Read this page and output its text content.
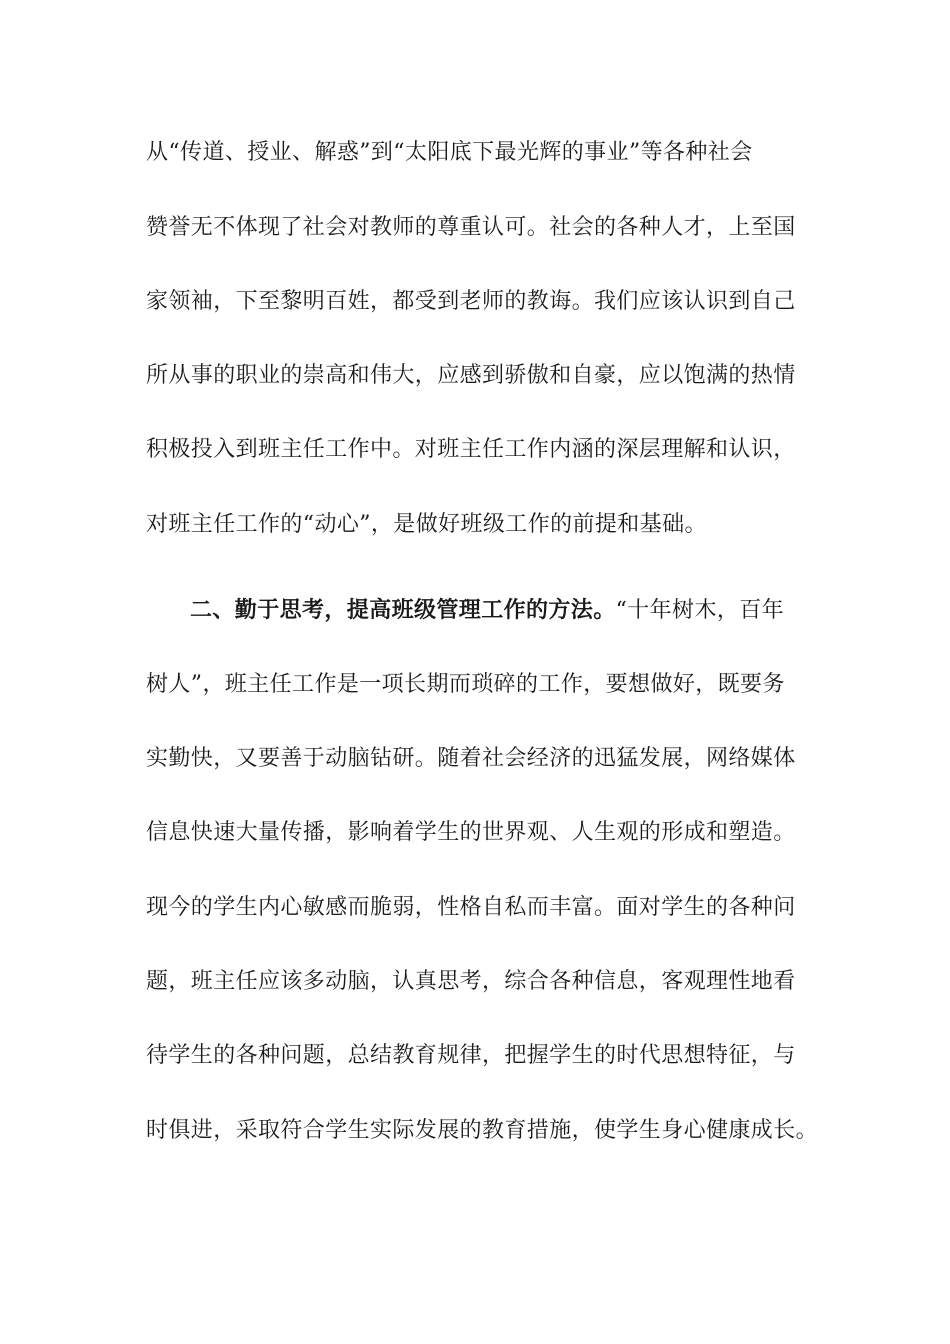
从“传道、授业、解惑”到“太阳底下最光辉的事业”等各种社会
赞誉无不体现了社会对教师的尊重认可。社会的各种人才，上至国
家领袖，下至黎明百姓，都受到老师的教诲。我们应该认识到自己
所从事的职业的崇高和伟大，应感到骄傲和自豪，应以饱满的热情
积极投入到班主任工作中。对班主任工作内涵的深层理解和认识，
对班主任工作的“动心”，是做好班级工作的前提和基础。
二、勤于思考，提高班级管理工作的方法。“十年树木，百年
树人”，班主任工作是一项长期而琐碎的工作，要想做好，既要务
实勤快，又要善于动脑钻研。随着社会经济的迅猛发展，网络媒体
信息快速大量传播，影响着学生的世界观、人生观的形成和塑造。
现今的学生内心敏感而脆弱，性格自私而丰富。面对学生的各种问
题，班主任应该多动脑，认真思考，综合各种信息，客观理性地看
待学生的各种问题，总结教育规律，把握学生的时代思想特征，与
时俱进，采取符合学生实际发展的教育措施，使学生身心健康成长。
